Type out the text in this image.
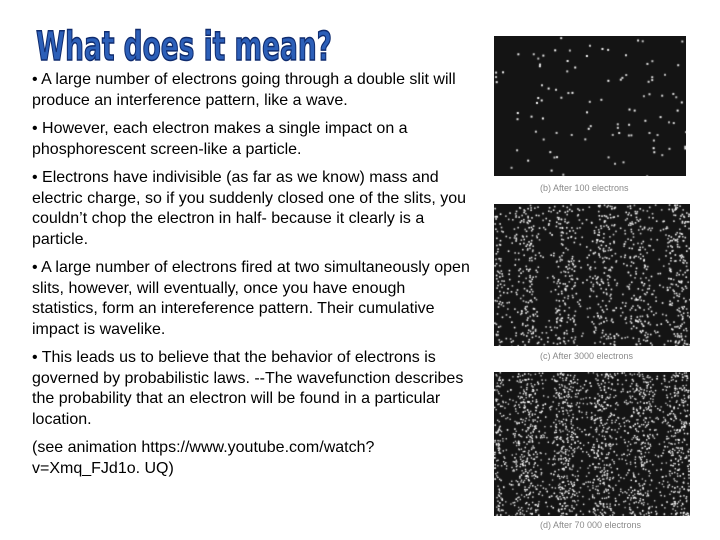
What does it mean?

• A large number of electrons going through a double slit will produce an interference pattern, like a wave.

• However, each electron makes a single impact on a phosphorescent screen-like a particle.

• Electrons have indivisible (as far as we know) mass and electric charge, so if you suddenly closed one of the slits, you couldn’t chop the electron in half- because it clearly is a particle.

• A large number of electrons fired at two simultaneously open slits, however, will eventually, once you have enough statistics, form an intereference pattern. Their cumulative impact is wavelike.

• This leads us to believe that the behavior of electrons is governed by probabilistic laws. --The wavefunction describes the probability that an electron will be found in a particular location.

(see animation https://www.youtube.com/watch?v=Xmq_FJd1o. UQ)

(b) After 100 electrons
(c) After 3000 electrons
(d) After 70 000 electrons
